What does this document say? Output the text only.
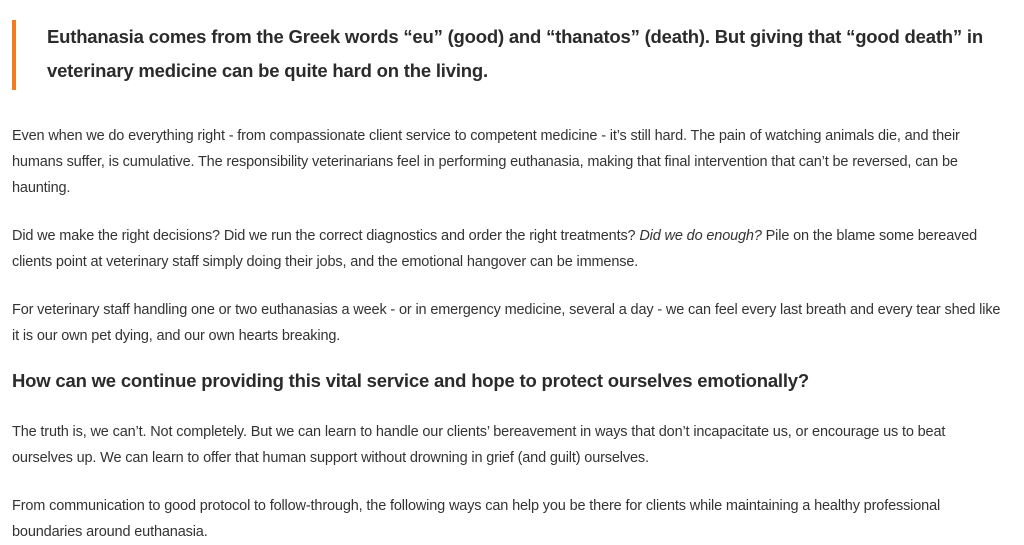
Euthanasia comes from the Greek words “eu” (good) and “thanatos” (death). But giving that “good death” in
veterinary medicine can be quite hard on the living.

Even when we do everything right - from compassionate client service to competent medicine - it’s still hard. The pain of watching animals die, and their humans suffer, is cumulative. The responsibility veterinarians feel in performing euthanasia, making that final intervention that can’t be reversed, can be haunting.

Did we make the right decisions? Did we run the correct diagnostics and order the right treatments? Did we do enough? Pile on the blame some bereaved clients point at veterinary staff simply doing their jobs, and the emotional hangover can be immense.

For veterinary staff handling one or two euthanasias a week - or in emergency medicine, several a day - we can feel every last breath and every tear shed like it is our own pet dying, and our own hearts breaking.

How can we continue providing this vital service and hope to protect ourselves emotionally?

The truth is, we can’t. Not completely. But we can learn to handle our clients’ bereavement in ways that don’t incapacitate us, or encourage us to beat ourselves up. We can learn to offer that human support without drowning in grief (and guilt) ourselves.

From communication to good protocol to follow-through, the following ways can help you be there for clients while maintaining a healthy professional boundaries around euthanasia.
